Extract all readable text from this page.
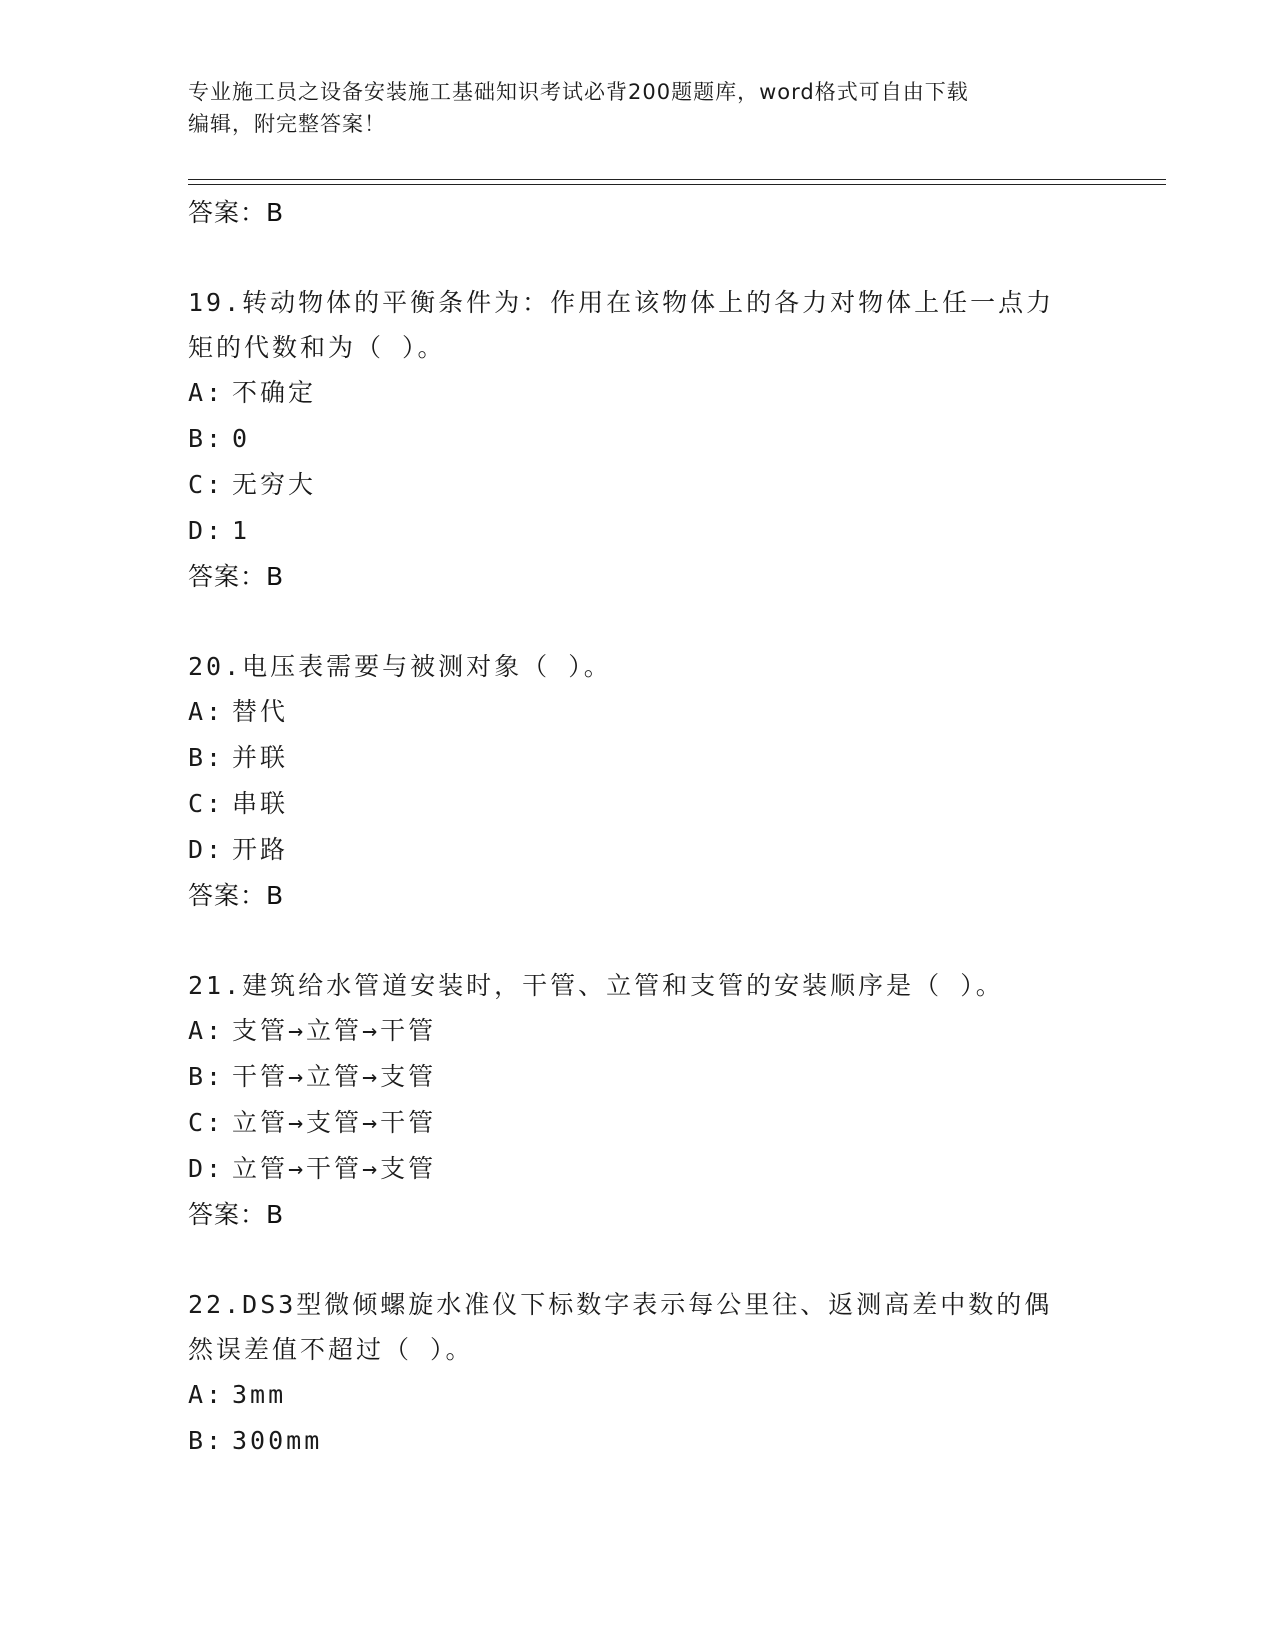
专业施工员之设备安装施工基础知识考试必背200题题库，word格式可自由下载
编辑，附完整答案！
答案：B
19.转动物体的平衡条件为：作用在该物体上的各力对物体上任一点力
矩的代数和为（ ）。
A: 不确定
B: 0
C: 无穷大
D: 1
答案：B
20.电压表需要与被测对象（ ）。
A: 替代
B: 并联
C: 串联
D: 开路
答案：B
21.建筑给水管道安装时，干管、立管和支管的安装顺序是（ ）。
A: 支管→立管→干管
B: 干管→立管→支管
C: 立管→支管→干管
D: 立管→干管→支管
答案：B
22.DS3型微倾螺旋水准仪下标数字表示每公里往、返测高差中数的偶
然误差值不超过（ ）。
A: 3mm
B: 300mm
